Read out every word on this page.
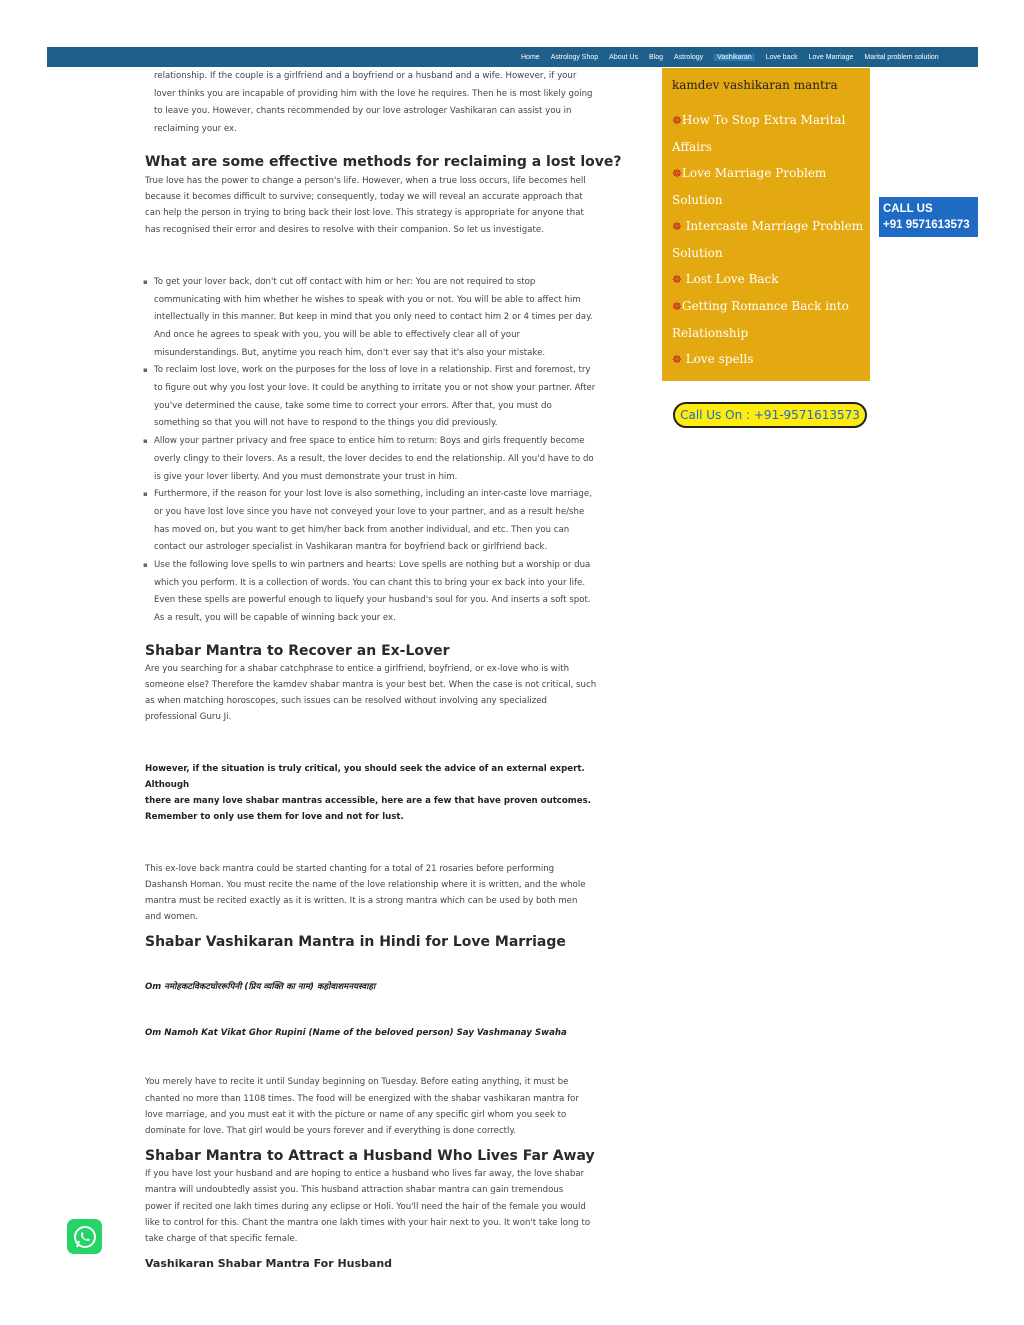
Home Astrology Shop About Us Blog Astrology	Vashikaran	Love back Love Marriage Marital problem solution
relationship. If the couple is a girlfriend and a boyfriend or a husband and a wife. However, if your
lover thinks you are incapable of providing him with the love he requires. Then he is most likely going
to leave you. However, chants recommended by our love astrologer Vashikaran can assist you in
reclaiming your ex.
What are some effective methods for reclaiming a lost love?
True love has the power to change a person's life. However, when a true loss occurs, life becomes hell
because it becomes difficult to survive; consequently, today we will reveal an accurate approach that
can help the person in trying to bring back their lost love. This strategy is appropriate for anyone that
has recognised their error and desires to resolve with their companion. So let us investigate.
▪ To get your lover back, don't cut off contact with him or her: You are not required to stop
communicating with him whether he wishes to speak with you or not. You will be able to affect him
intellectually in this manner. But keep in mind that you only need to contact him 2 or 4 times per day.
And once he agrees to speak with you, you will be able to effectively clear all of your
misunderstandings. But, anytime you reach him, don't ever say that it's also your mistake.
▪ To reclaim lost love, work on the purposes for the loss of love in a relationship. First and foremost, try
to figure out why you lost your love. It could be anything to irritate you or not show your partner. After
you've determined the cause, take some time to correct your errors. After that, you must do
something so that you will not have to respond to the things you did previously.
▪ Allow your partner privacy and free space to entice him to return: Boys and girls frequently become
overly clingy to their lovers. As a result, the lover decides to end the relationship. All you'd have to do
is give your lover liberty. And you must demonstrate your trust in him.
▪ Furthermore, if the reason for your lost love is also something, including an inter-caste love marriage,
or you have lost love since you have not conveyed your love to your partner, and as a result he/she
has moved on, but you want to get him/her back from another individual, and etc. Then you can
contact our astrologer specialist in Vashikaran mantra for boyfriend back or girlfriend back.
▪ Use the following love spells to win partners and hearts: Love spells are nothing but a worship or dua
which you perform. It is a collection of words. You can chant this to bring your ex back into your life.
Even these spells are powerful enough to liquefy your husband's soul for you. And inserts a soft spot.
As a result, you will be capable of winning back your ex.
Shabar Mantra to Recover an Ex-Lover
Are you searching for a shabar catchphrase to entice a girlfriend, boyfriend, or ex-love who is with
someone else? Therefore the kamdev shabar mantra is your best bet. When the case is not critical, such
as when matching horoscopes, such issues can be resolved without involving any specialized
professional Guru Ji.
However, if the situation is truly critical, you should seek the advice of an external expert. Although
there are many love shabar mantras accessible, here are a few that have proven outcomes.
Remember to only use them for love and not for lust.
This ex-love back mantra could be started chanting for a total of 21 rosaries before performing
Dashansh Homan. You must recite the name of the love relationship where it is written, and the whole
mantra must be recited exactly as it is written. It is a strong mantra which can be used by both men
and women.
Shabar Vashikaran Mantra in Hindi for Love Marriage
Om नमोहकटविकटघोररूपिनी (प्रिय व्यक्ति का नाम) कहोवाशमनयस्वाहा
Om Namoh Kat Vikat Ghor Rupini (Name of the beloved person) Say Vashmanay Swaha
You merely have to recite it until Sunday beginning on Tuesday. Before eating anything, it must be
chanted no more than 1108 times. The food will be energized with the shabar vashikaran mantra for
love marriage, and you must eat it with the picture or name of any specific girl whom you seek to
dominate for love. That girl would be yours forever and if everything is done correctly.
Shabar Mantra to Attract a Husband Who Lives Far Away
If you have lost your husband and are hoping to entice a husband who lives far away, the love shabar
mantra will undoubtedly assist you. This husband attraction shabar mantra can gain tremendous
power if recited one lakh times during any eclipse or Holi. You'll need the hair of the female you would
like to control for this. Chant the mantra one lakh times with your hair next to you. It won't take long to
take charge of that specific female.
Vashikaran Shabar Mantra For Husband
kamdev vashikaran mantra
☸How To Stop Extra Marital
Affairs
☸Love Marriage Problem
Solution
☸ Intercaste Marriage Problem
Solution
☸ Lost Love Back
☸Getting Romance Back into
Relationship
☸ Love spells
Call Us On : +91-9571613573
CALL US
+91 9571613573
